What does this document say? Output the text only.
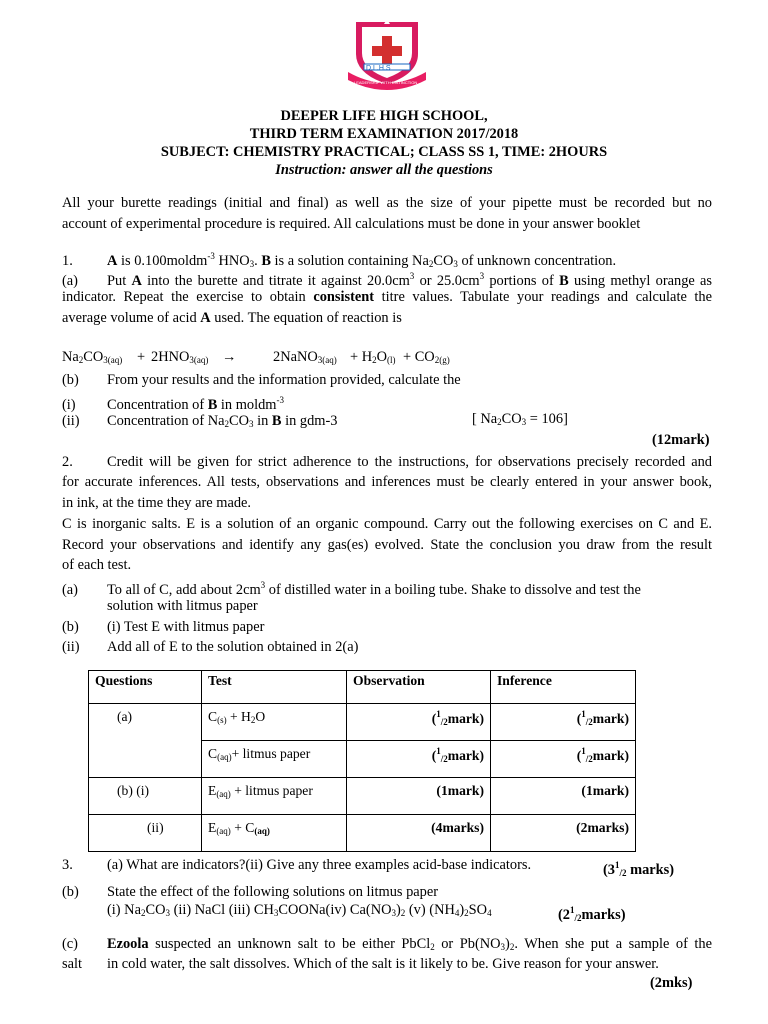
D.L.H.S
LEADERSHIP WITH DISTINCTION
DEEPER LIFE HIGH SCHOOL,
THIRD TERM EXAMINATION 2017/2018
SUBJECT: CHEMISTRY PRACTICAL; CLASS SS 1, TIME: 2HOURS
Instruction: answer all the questions
All your burette readings (initial and final) as well as the size of your pipette must be recorded but no
account of experimental procedure is required. All calculations must be done in your answer booklet
1. A is 0.100moldm$^{-3}$ $HNO_3$. B is a solution containing $Na_2CO_3$ of unknown concentration.
(a) Put A into the burette and titrate it against $20.0cm^3$ or $25.0cm^3$ portions of B using methyl orange as
indicator. Repeat the exercise to obtain consistent titre values. Tabulate your readings and calculate the
average volume of acid A used. The equation of reaction is
$Na_2CO_{3(aq)} + 2HNO_{3(aq)}$ →	2NaNO$_{3(aq)}$ + $H_2O_{(l)} + CO_{2(g)}$
(b) From your results and the information provided, calculate the
(i) Concentration of B in moldm$^{-3}$
(ii) Concentration of $Na_2CO_3$ in B in gdm-3	[ $Na_2CO_3 = 106$]
(12mark)
2. Credit will be given for strict adherence to the instructions, for observations precisely recorded and
for accurate inferences. All tests, observations and inferences must be clearly entered in your answer book,
in ink, at the time they are made.
C is inorganic salts. E is a solution of an organic compound. Carry out the following exercises on C and E.
Record your observations and identify any gas(es) evolved. State the conclusion you draw from the result
of each test.
(a) To all of C, add about $2cm^3$ of distilled water in a boiling tube. Shake to dissolve and test the
solution with litmus paper
(b) (i) Test E with litmus paper
(ii) Add all of E to the solution obtained in 2(a)
Questions	Test	Observation	Inference
(a)	$C_{(s)} + H_2O$	($^1_{/2}$mark)	($^1_{/2}$mark)
	$C_{(aq)}+$ litmus paper	($^1_{/2}$mark)	($^1_{/2}$mark)
(b) (i)	$E_{(aq)}$ + litmus paper	(1mark)	(1mark)
(ii)	$E_{(aq)} + C_{(aq)}$	(4marks)	(2marks)
3. (a) What are indicators?(ii) Give any three examples acid-base indicators.	($3^1_{/2}$ marks)
(b) State the effect of the following solutions on litmus paper
(i) $Na_2CO_3$ (ii) NaCl (iii) $CH_3COONa(iv)$ $Ca(NO_3)_2$ (v) $(NH_4)_2SO_4$	$(2^1_{/2}marks)$
(c) Ezoola suspected an unknown salt to be either PbCl$_2$ or $Pb(NO_3)_2$. When she put a sample of the
salt in cold water, the salt dissolves. Which of the salt is it likely to be. Give reason for your answer.
(2mks)
